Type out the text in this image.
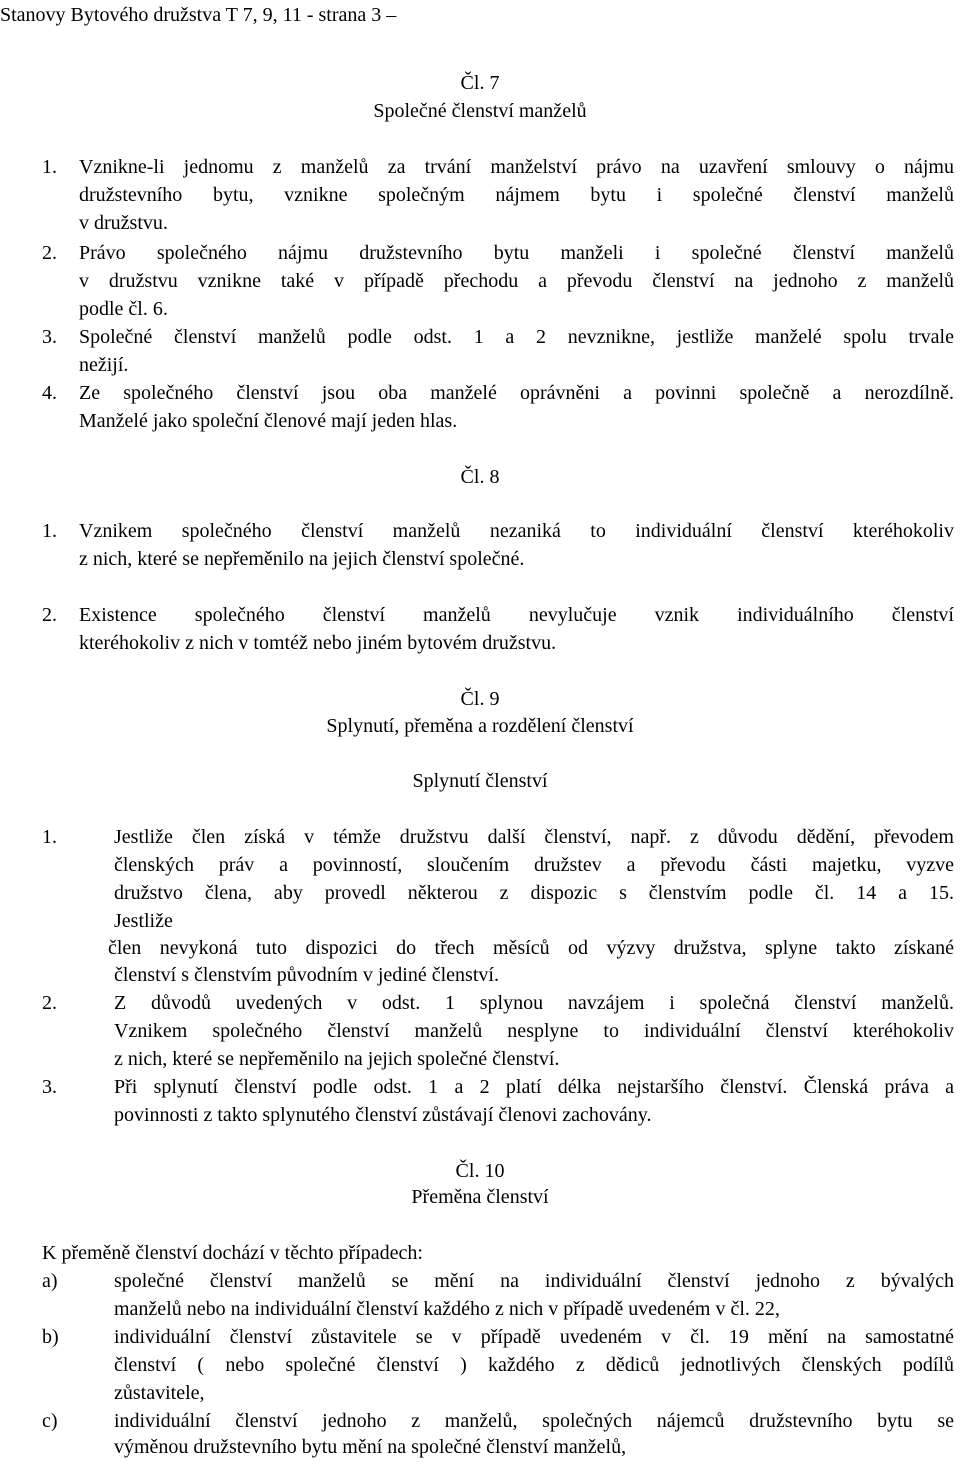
Stanovy Bytového družstva T 7, 9, 11 - strana 3 –
Čl. 7
Společné členství manželů
1.	Vznikne-li jednomu z manželů za trvání manželství právo na uzavření smlouvy o nájmu
družstevního bytu, vznikne společným nájmem bytu i společné členství manželů
v družstvu.
2.	Právo společného nájmu družstevního bytu manželi i společné členství manželů
v družstvu vznikne také v případě přechodu a převodu členství na jednoho z manželů
podle čl. 6.
3.	Společné členství manželů podle odst. 1 a 2 nevznikne, jestliže manželé spolu trvale
nežijí.
4.	Ze společného členství jsou oba manželé oprávněni a povinni společně a nerozdílně.
Manželé jako společní členové mají jeden hlas.
Čl. 8
1.	Vznikem společného členství manželů nezaniká to individuální členství kteréhokoliv
z nich, které se nepřeměnilo na jejich členství společné.
2.	Existence společného členství manželů nevylučuje vznik individuálního členství
kteréhokoliv z nich v tomtéž nebo jiném bytovém družstvu.
Čl. 9
Splynutí, přeměna a rozdělení členství
Splynutí členství
1.	Jestliže člen získá v témže družstvu další členství, např. z důvodu dědění, převodem
členských práv a povinností, sloučením družstev a převodu části majetku, vyzve
družstvo člena, aby provedl některou z dispozic s členstvím podle čl. 14 a 15.
Jestliže
člen nevykoná tuto dispozici do třech měsíců od výzvy družstva, splyne takto získané
členství s členstvím původním v jediné členství.
2.	Z důvodů uvedených v odst. 1 splynou navzájem i společná členství manželů.
Vznikem společného členství manželů nesplyne to individuální členství kteréhokoliv
z nich, které se nepřeměnilo na jejich společné členství.
3.	Při splynutí členství podle odst. 1 a 2 platí délka nejstaršího členství. Členská práva a
povinnosti z takto splynutého členství zůstávají členovi zachovány.
Čl. 10
Přeměna členství
K přeměně členství dochází v těchto případech:
a)	společné členství manželů se mění na individuální členství jednoho z bývalých
manželů nebo na individuální členství každého z nich v případě uvedeném v čl. 22,
b)	individuální členství zůstavitele se v případě uvedeném v čl. 19 mění na samostatné
členství ( nebo společné členství ) každého z dědiců jednotlivých členských podílů
zůstavitele,
c)	individuální členství jednoho z manželů, společných nájemců družstevního bytu se
výměnou družstevního bytu mění na společné členství manželů,
